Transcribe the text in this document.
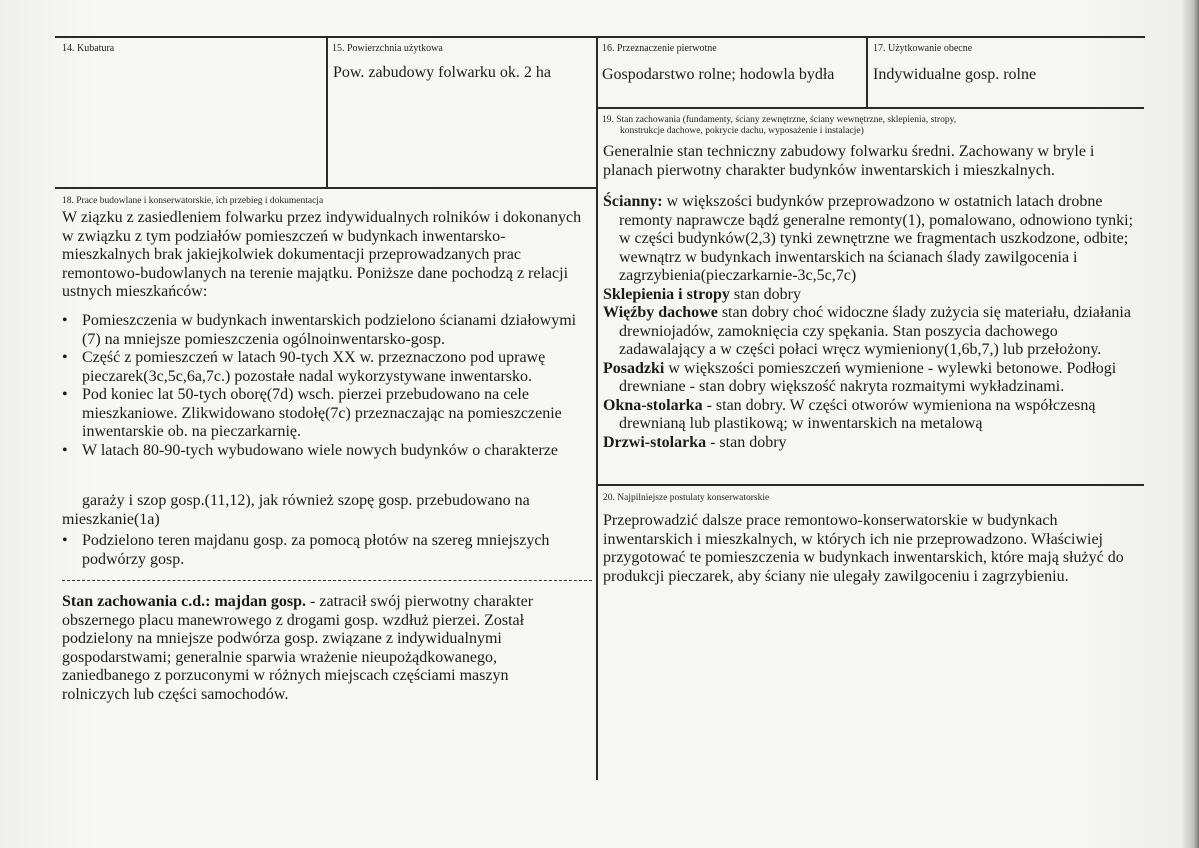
14. Kubatura	15. Powierzchnia użytkowa
Pow. zabudowy folwarku ok. 2 ha
16. Przeznaczenie pierwotne
Gospodarstwo rolne; hodowla bydła
17. Użytkowanie obecne
Indywidualne gosp. rolne
19. Stan zachowania (fundamenty, ściany zewnętrzne, ściany wewnętrzne, sklepienia, stropy,
konstrukcje dachowe, pokrycie dachu, wyposażenie i instalacje)

Generalnie stan techniczny zabudowy folwarku średni. Zachowany w bryle i planach pierwotny charakter budynków inwentarskich i mieszkalnych.

Ścianny: w większości budynków przeprowadzono w ostatnich latach drobne remonty naprawcze bądź generalne remonty(1), pomalowano, odnowiono tynki; w części budynków(2,3) tynki zewnętrzne we fragmentach uszkodzone, odbite; wewnątrz w budynkach inwentarskich na ścianach ślady zawilgocenia i zagrzybienia(pieczarkarnie-3c,5c,7c)

Sklepienia i stropy stan dobry

Więźby dachowe stan dobry choć widoczne ślady zużycia się materiału, działania drewniojadów, zamoknięcia czy spękania. Stan poszycia dachowego zadawalający a w części połaci wręcz wymieniony(1,6b,7,) lub przełożony.

Posadzki w większości pomieszczeń wymienione - wylewki betonowe. Podłogi drewniane - stan dobry większość nakryta rozmaitymi wykładzinami.

Okna-stolarka - stan dobry. W części otworów wymieniona na współczesną drewnianą lub plastikową; w inwentarskich na metalową

Drzwi-stolarka - stan dobry

18. Prace budowlane i konserwatorskie, ich przebieg i dokumentacja

W ziązku z zasiedleniem folwarku przez indywidualnych rolników i dokonanych w związku z tym podziałów pomieszczeń w budynkach inwentarsko-mieszkalnych brak jakiejkolwiek dokumentacji przeprowadzanych prac remontowo-budowlanych na terenie majątku. Poniższe dane pochodzą z relacji ustnych mieszkańców:

• Pomieszczenia w budynkach inwentarskich podzielono ścianami działowymi (7) na mniejsze pomieszczenia ogólnoinwentarsko-gosp.
• Część z pomieszczeń w latach 90-tych XX w. przeznaczono pod uprawę pieczarek(3c,5c,6a,7c.) pozostałe nadal wykorzystywane inwentarsko.
• Pod koniec lat 50-tych oborę(7d) wsch. pierzei przebudowano na cele mieszkaniowe. Zlikwidowano stodołę(7c) przeznaczając na pomieszczenie inwentarskie ob. na pieczarkarnię.
• W latach 80-90-tych wybudowano wiele nowych budynków o charakterze
garaży i szop gosp.(11,12), jak również szopę gosp. przebudowano na
mieszkanie(1a)
• Podzielono teren majdanu gosp. za pomocą płotów na szereg mniejszych podwórzy gosp.

Stan zachowania c.d.: majdan gosp. - zatracił swój pierwotny charakter obszernego placu manewrowego z drogami gosp. wzdłuż pierzei. Został podzielony na mniejsze podwórza gosp. związane z indywidualnymi gospodarstwami; generalnie sparwia wrażenie nieupożądkowanego, zaniedbanego z porzuconymi w różnych miejscach częściami maszyn rolniczych lub części samochodów.

20. Najpilniejsze postulaty konserwatorskie

Przeprowadzić dalsze prace remontowo-konserwatorskie w budynkach inwentarskich i mieszkalnych, w których ich nie przeprowadzono. Właściwiej przygotować te pomieszczenia w budynkach inwentarskich, które mają służyć do produkcji pieczarek, aby ściany nie ulegały zawilgoceniu i zagrzybieniu.
